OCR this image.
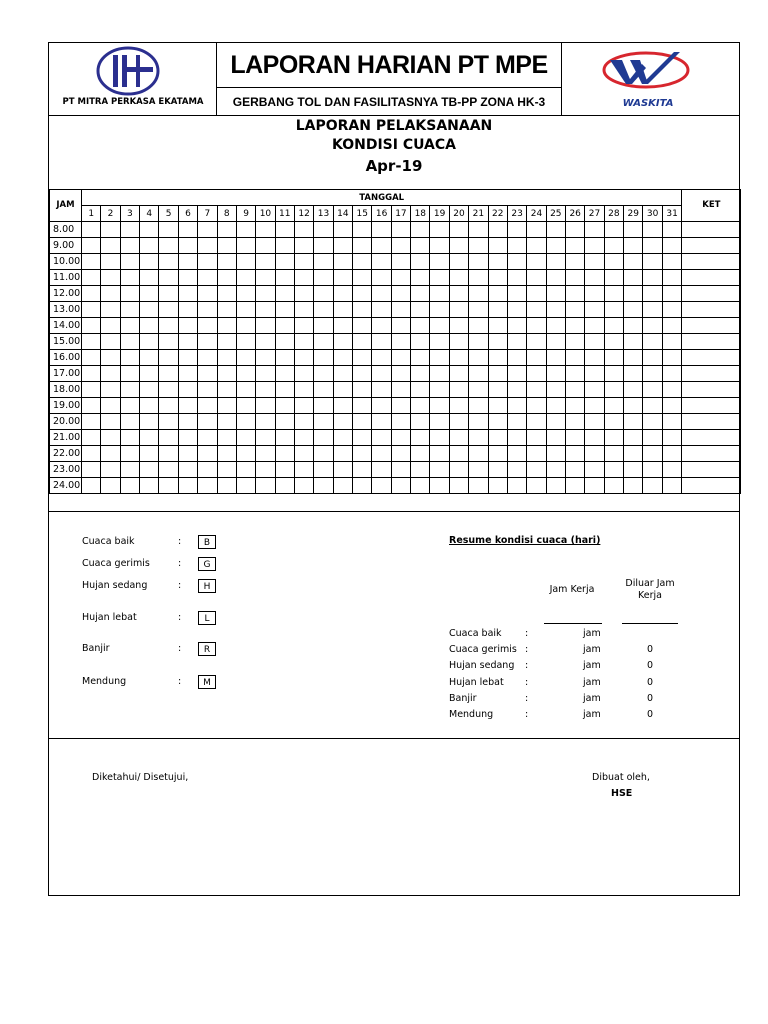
PT MITRA PERKASA EKATAMA
LAPORAN HARIAN PT MPE
GERBANG TOL DAN FASILITASNYA TB-PP ZONA HK-3	WASKITA
LAPORAN PELAKSANAAN
KONDISI CUACA
Apr-19
JAM	TANGGAL																															KET
	1	2	3	4	5	6	7	8	9	10	11	12	13	14	15	16	17	18	19	20	21	22	23	24	25	26	27	28	29	30	31	
8.00																																
9.00																																
10.00																																
11.00																																
12.00																																
13.00																																
14.00																																
15.00																																
16.00																																
17.00																																
18.00																																
19.00																																
20.00																																
21.00																																
22.00																																
23.00																																
24.00																																
Cuaca baik	:	B
Cuaca gerimis	:	G
Hujan sedang	:	H
Hujan lebat	:	L
Banjir	:	R
Mendung	:	M
Resume kondisi cuaca (hari)
Jam Kerja
Diluar Jam
Kerja
Cuaca baik :	jam
Cuaca gerimis :	jam	0
Hujan sedang :	jam	0
Hujan lebat :	jam	0
Banjir	:	jam	0
Mendung	:	jam	0
Diketahui/ Disetujui,	Dibuat oleh,
HSE
